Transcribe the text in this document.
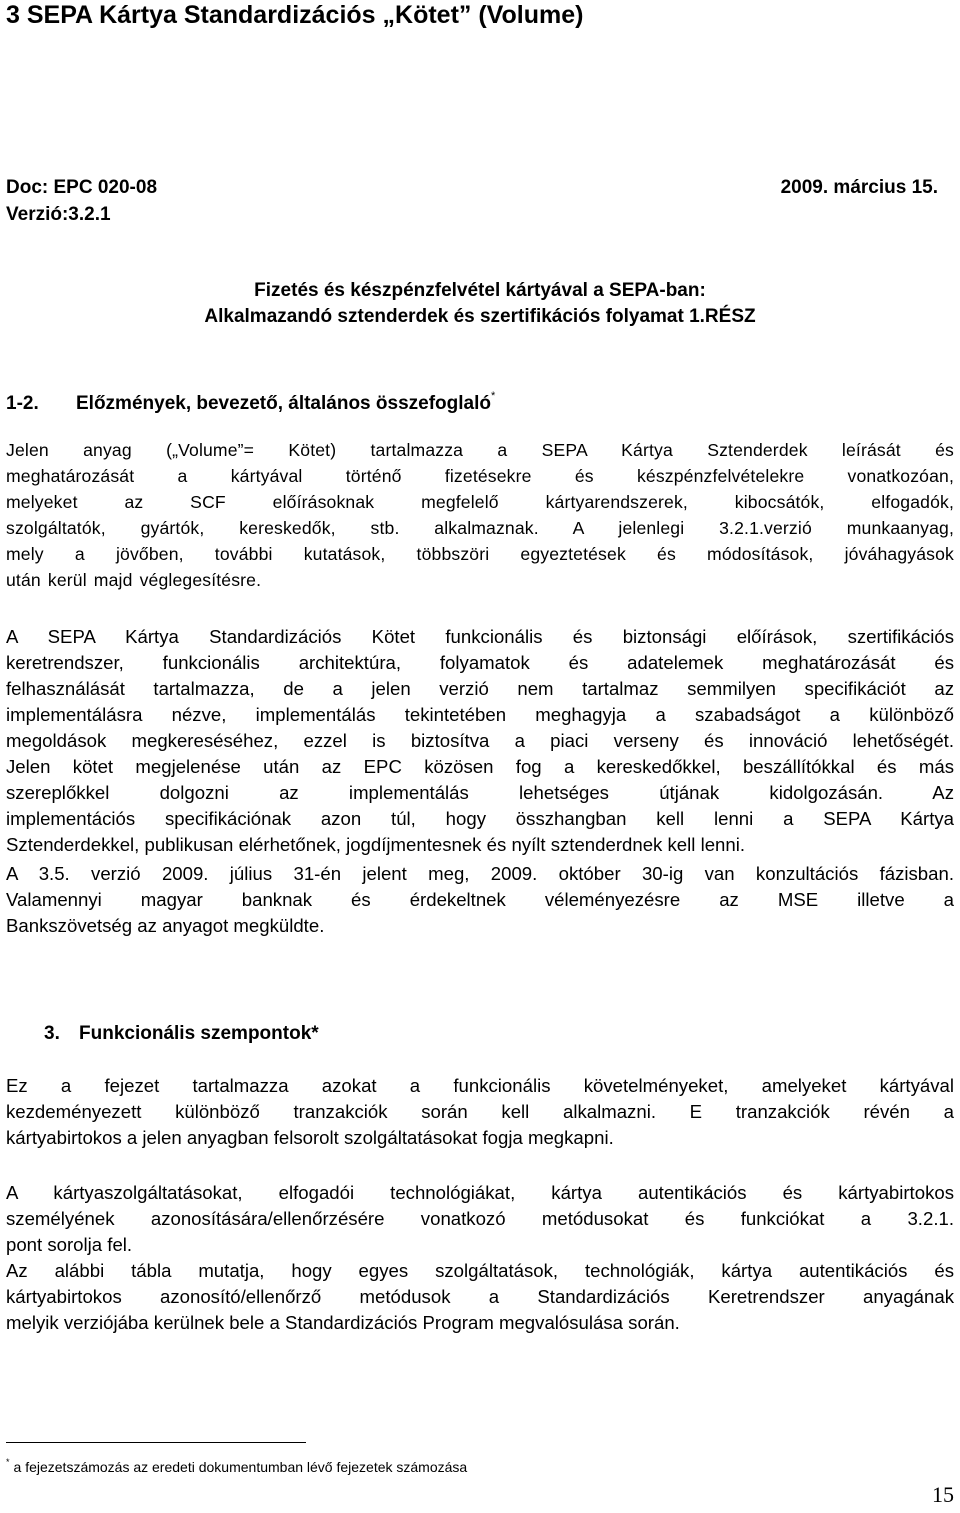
3 SEPA Kártya Standardizációs „Kötet” (Volume)
Doc: EPC 020-08	2009. március 15.
Verzió:3.2.1
Fizetés és készpénzfelvétel kártyával a SEPA-ban:
Alkalmazandó sztenderdek és szertifikációs folyamat 1.RÉSZ
1-2. Előzmények, bevezető, általános összefoglaló*
Jelen anyag („Volume”= Kötet) tartalmazza a SEPA Kártya Sztenderdek leírását és
meghatározását a kártyával történő fizetésekre és készpénzfelvételekre vonatkozóan,
melyeket az SCF előírásoknak megfelelő kártyarendszerek, kibocsátók, elfogadók,
szolgáltatók, gyártók, kereskedők, stb. alkalmaznak. A jelenlegi 3.2.1.verzió munkaanyag,
mely a jövőben, további kutatások, többszöri egyeztetések és módosítások, jóváhagyások
után kerül majd véglegesítésre.
A SEPA Kártya Standardizációs Kötet funkcionális és biztonsági előírások, szertifikációs
keretrendszer, funkcionális architektúra, folyamatok és adatelemek meghatározását és
felhasználását tartalmazza, de a jelen verzió nem tartalmaz semmilyen specifikációt az
implementálásra nézve, implementálás tekintetében meghagyja a szabadságot a különböző
megoldások megkereséséhez, ezzel is biztosítva a piaci verseny és innováció lehetőségét.
Jelen kötet megjelenése után az EPC közösen fog a kereskedőkkel, beszállítókkal és más
szereplőkkel dolgozni az implementálás lehetséges útjának kidolgozásán. Az
implementációs specifikációnak azon túl, hogy összhangban kell lenni a SEPA Kártya
Sztenderdekkel, publikusan elérhetőnek, jogdíjmentesnek és nyílt sztenderdnek kell lenni.
A 3.5. verzió 2009. július 31-én jelent meg, 2009. október 30-ig van konzultációs fázisban.
Valamennyi magyar banknak és érdekeltnek véleményezésre az MSE illetve a
Bankszövetség az anyagot megküldte.
3. Funkcionális szempontok*
Ez a fejezet tartalmazza azokat a funkcionális követelményeket, amelyeket kártyával
kezdeményezett különböző tranzakciók során kell alkalmazni. E tranzakciók révén a
kártyabirtokos a jelen anyagban felsorolt szolgáltatásokat fogja megkapni.
A kártyaszolgáltatásokat, elfogadói technológiákat, kártya autentikációs és kártyabirtokos
személyének azonosítására/ellenőrzésére vonatkozó metódusokat és funkciókat a 3.2.1.
pont sorolja fel.
Az alábbi tábla mutatja, hogy egyes szolgáltatások, technológiák, kártya autentikációs és
kártyabirtokos azonosító/ellenőrző metódusok a Standardizációs Keretrendszer anyagának
melyik verziójába kerülnek bele a Standardizációs Program megvalósulása során.
* a fejezetszámozás az eredeti dokumentumban lévő fejezetek számozása
15
